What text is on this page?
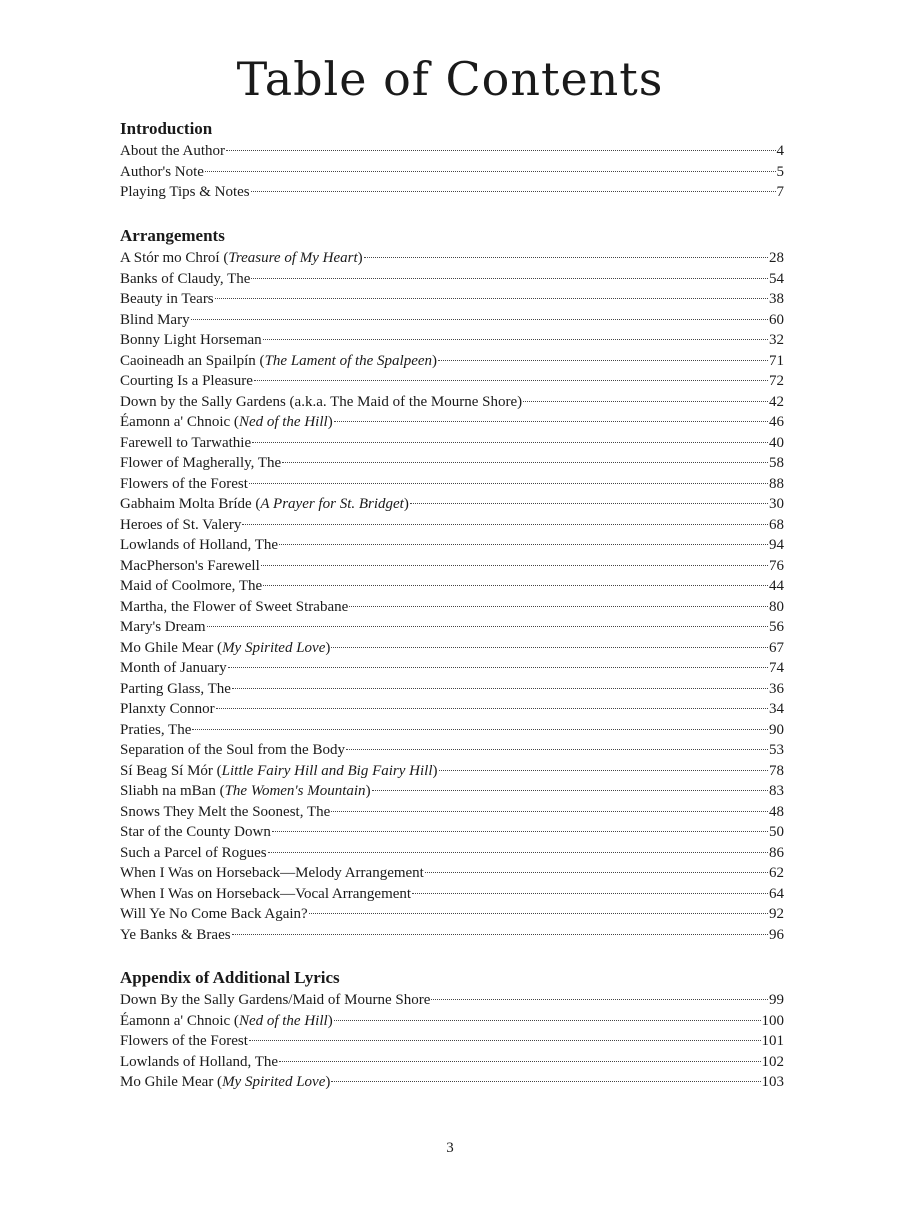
Table of Contents
Introduction
About the Author	4
Author's Note	5
Playing Tips & Notes	7
Arrangements
A Stór mo Chroí (Treasure of My Heart)	28
Banks of Claudy, The	54
Beauty in Tears	38
Blind Mary	60
Bonny Light Horseman	32
Caoineadh an Spailpín (The Lament of the Spalpeen)	71
Courting Is a Pleasure	72
Down by the Sally Gardens (a.k.a. The Maid of the Mourne Shore)	42
Éamonn a' Chnoic (Ned of the Hill)	46
Farewell to Tarwathie	40
Flower of Magherally, The	58
Flowers of the Forest	88
Gabhaim Molta Bríde (A Prayer for St. Bridget)	30
Heroes of St. Valery	68
Lowlands of Holland, The	94
MacPherson's Farewell	76
Maid of Coolmore, The	44
Martha, the Flower of Sweet Strabane	80
Mary's Dream	56
Mo Ghile Mear (My Spirited Love)	67
Month of January	74
Parting Glass, The	36
Planxty Connor	34
Praties, The	90
Separation of the Soul from the Body	53
Sí Beag Sí Mór (Little Fairy Hill and Big Fairy Hill)	78
Sliabh na mBan (The Women's Mountain)	83
Snows They Melt the Soonest, The	48
Star of the County Down	50
Such a Parcel of Rogues	86
When I Was on Horseback—Melody Arrangement	62
When I Was on Horseback—Vocal Arrangement	64
Will Ye No Come Back Again?	92
Ye Banks & Braes	96
Appendix of Additional Lyrics
Down By the Sally Gardens/Maid of Mourne Shore	99
Éamonn a' Chnoic (Ned of the Hill)	100
Flowers of the Forest	101
Lowlands of Holland, The	102
Mo Ghile Mear (My Spirited Love)	103
3
